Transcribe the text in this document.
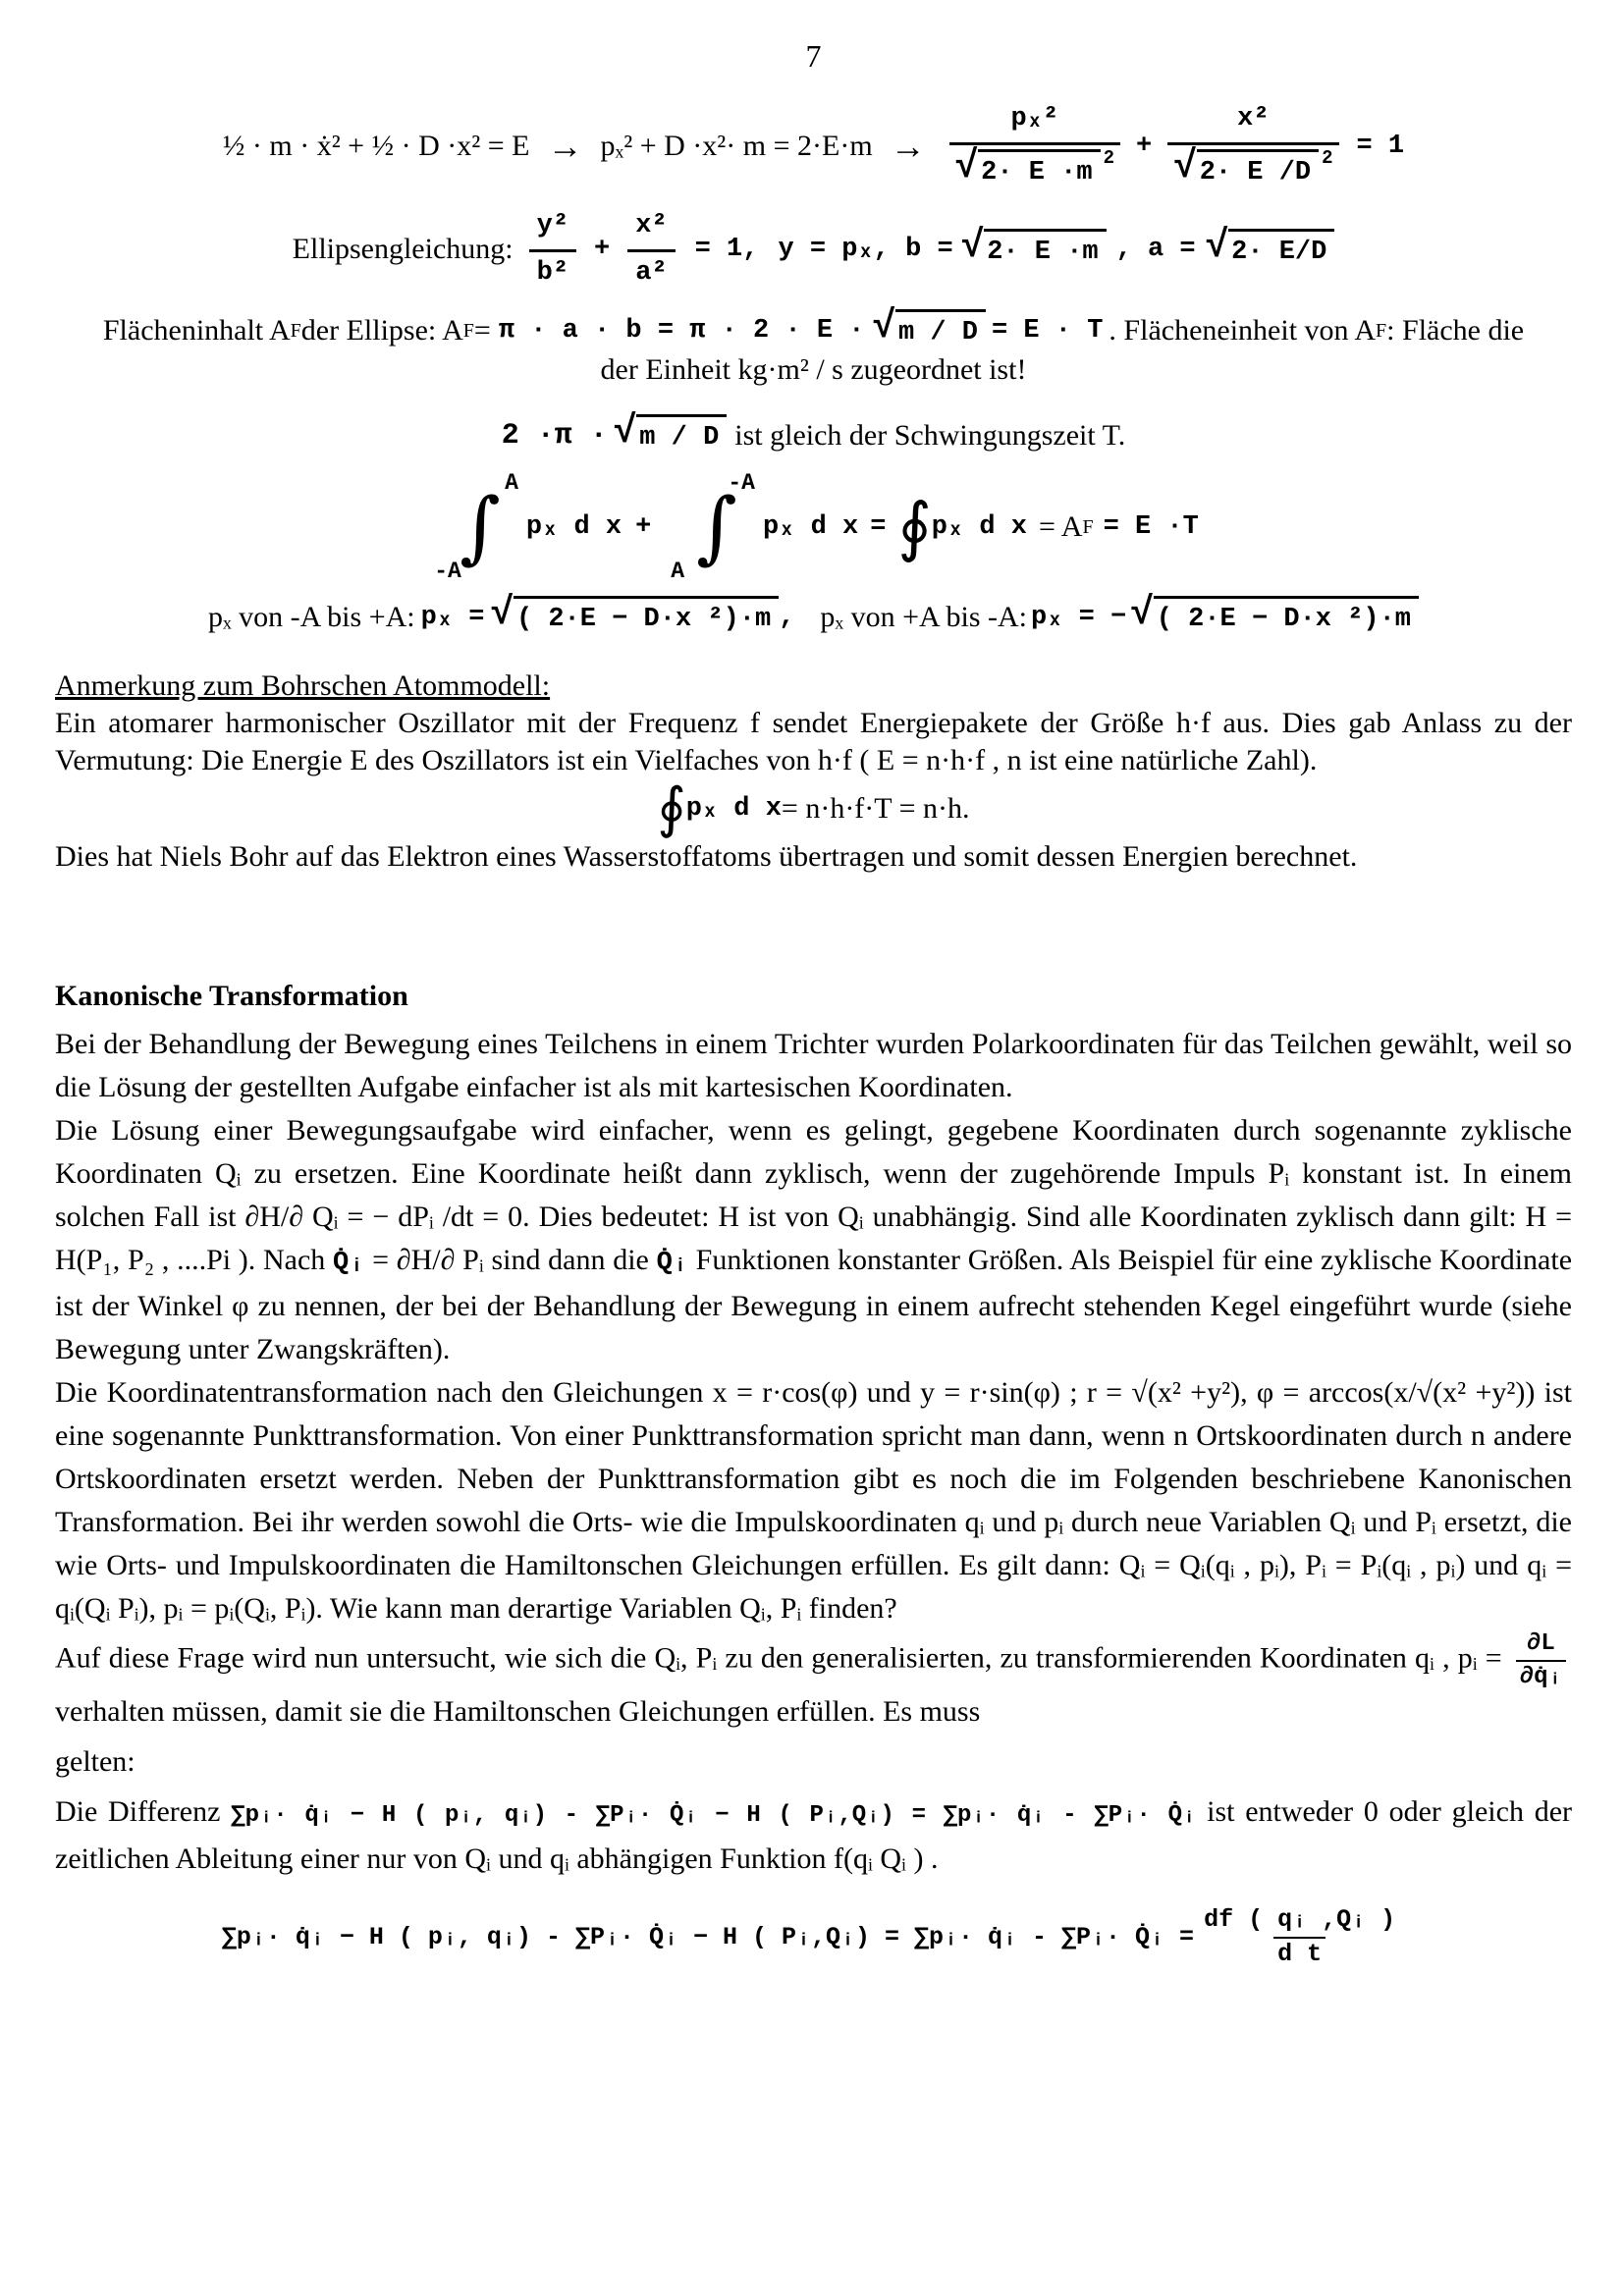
7
½ · m · ẋ² + ½ · $D \cdot x^2 = E \to p_x^2 + D \cdot x^2\cdot m = 2\cdot E\cdot m \to \frac{\text{pₓ²}}{√ 2\cdot E \cdot m 2} + \frac{\text{x²}}{√ 2\cdot E /D 2} = 1$
Ellipsengleichung: $\frac{\text{y²}}{\text{b²}} + \frac{\text{x²}}{\text{a²}} = 1$, y = pₓ, b = √ 2· E ·m , a = √ 2· E/D
Flächeninhalt A F der Ellipse: A F = π · a · b = π · 2 · E · √ m / D = E · T . Flächeneinheit von A F : Fläche die
der Einheit kg·m² / s zugeordnet ist!
2 ·π · √ m / D ist gleich der Schwingungszeit T.
-A
∫ A
pₓ d x +
A ∫
-A
pₓ d x = ∮ pₓ d x = A F = E ·T
pₓ von -A bis +A: pₓ = √ ( 2·E − D·x ²)·m , pₓ von +A bis -A: pₓ = − √ ( 2·E − D·x ²)·m
Anmerkung zum Bohrschen Atommodell:
Ein atomarer harmonischer Oszillator mit der Frequenz f sendet Energiepakete der Größe h·f aus. Dies gab Anlass zu der Vermutung: Die Energie E des Oszillators ist ein Vielfaches von h·f ( E = n·h·f , n ist eine natürliche Zahl).
∮ pₓ d x = n·h·f·T = n·h.
Dies hat Niels Bohr auf das Elektron eines Wasserstoffatoms übertragen und somit dessen Energien berechnet.
Kanonische Transformation
Bei der Behandlung der Bewegung eines Teilchens in einem Trichter wurden Polarkoordinaten für das Teilchen gewählt, weil so die Lösung der gestellten Aufgabe einfacher ist als mit kartesischen Koordinaten.
Die Lösung einer Bewegungsaufgabe wird einfacher, wenn es gelingt, gegebene Koordinaten durch sogenannte zyklische Koordinaten Qᵢ zu ersetzen. Eine Koordinate heißt dann zyklisch, wenn der zugehörende Impuls Pᵢ konstant ist. In einem solchen Fall ist ∂H/∂ Qᵢ = − dPᵢ /dt = 0. Dies bedeutet: H ist von Qᵢ unabhängig. Sind alle Koordinaten zyklisch dann gilt: H = H(P₁, P₂ , ....Pi ). Nach Q̇ᵢ = ∂H/∂ Pᵢ sind dann die Q̇ᵢ Funktionen konstanter Größen. Als Beispiel für eine zyklische Koordinate ist der Winkel φ zu nennen, der bei der Behandlung der Bewegung in einem aufrecht stehenden Kegel eingeführt wurde (siehe Bewegung unter Zwangskräften).
Die Koordinatentransformation nach den Gleichungen x = r·cos(φ) und y = r·sin(φ) ; r = √(x² +y²), φ = arccos(x/√(x² +y²)) ist eine sogenannte Punkttransformation. Von einer Punkttransformation spricht man dann, wenn n Ortskoordinaten durch n andere Ortskoordinaten ersetzt werden. Neben der Punkttransformation gibt es noch die im Folgenden beschriebene Kanonischen Transformation. Bei ihr werden sowohl die Orts- wie die Impulskoordinaten qᵢ und pᵢ durch neue Variablen Qᵢ und Pᵢ ersetzt, die wie Orts- und Impulskoordinaten die Hamiltonschen Gleichungen erfüllen. Es gilt dann: Qᵢ = Qᵢ(qᵢ , pᵢ), Pᵢ = Pᵢ(qᵢ , pᵢ) und qᵢ = qᵢ(Qᵢ Pᵢ), pᵢ = pᵢ(Qᵢ, Pᵢ). Wie kann man derartige Variablen Qᵢ, Pᵢ finden?
Auf diese Frage wird nun untersucht, wie sich die Qᵢ, Pᵢ zu den generalisierten, zu transformierenden Koordinaten qᵢ , pᵢ = $\frac{\partial L}{\text{∂q̇ᵢ}}$
verhalten müssen, damit sie die Hamiltonschen Gleichungen erfüllen. Es muss
gelten:
Die Differenz ∑pᵢ· q̇ᵢ − H ( pᵢ, qᵢ) - ∑Pᵢ· Q̇ᵢ − H ( Pᵢ,Qᵢ) = ∑pᵢ· q̇ᵢ - ∑Pᵢ· Q̇ᵢ ist entweder 0 oder gleich der zeitlichen Ableitung einer nur von Qᵢ und qᵢ abhängigen Funktion f(qᵢ Qᵢ ) .
∑pᵢ· q̇ᵢ − H ( pᵢ, qᵢ) - ∑Pᵢ· Q̇ᵢ − H ( Pᵢ,Qᵢ) = ∑pᵢ· q̇ᵢ - ∑Pᵢ· Q̇ᵢ = $\frac{\text{df ( qᵢ ,Qᵢ )}}{\text{d t}}$
